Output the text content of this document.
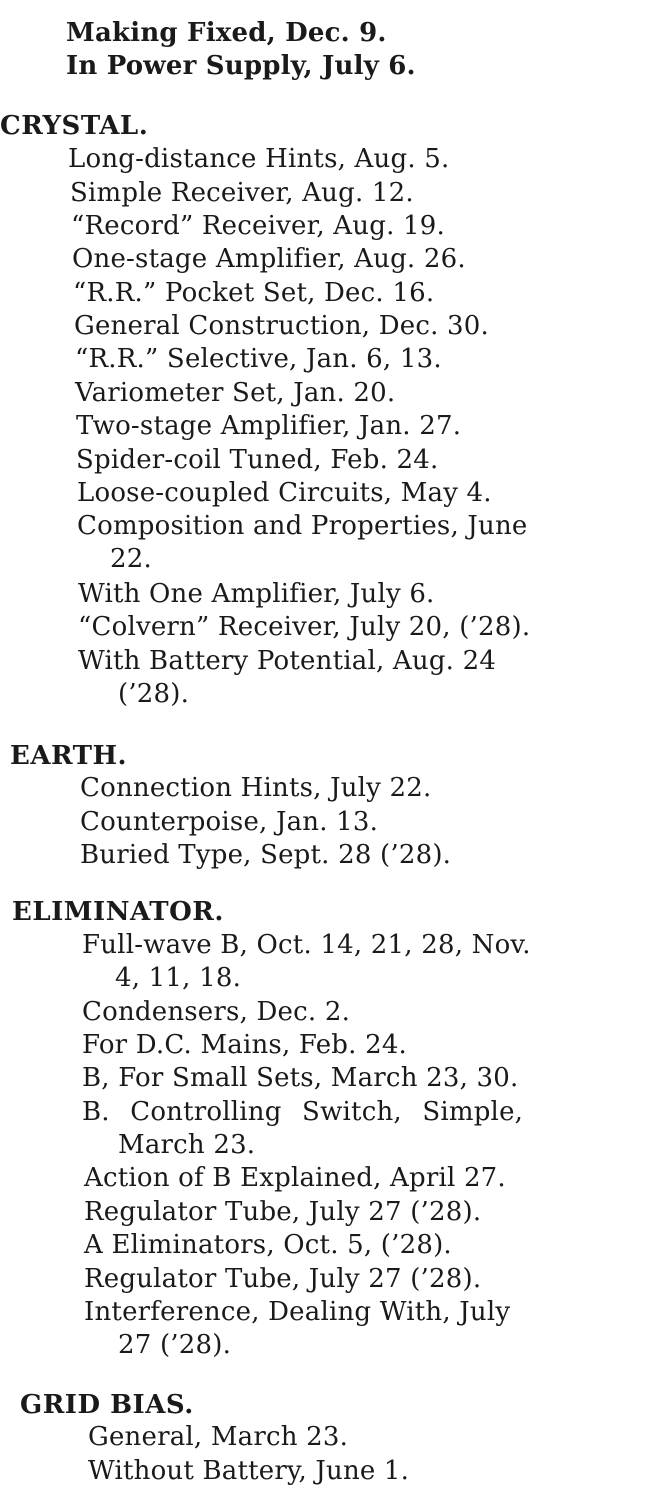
Making Fixed, Dec. 9.
In Power Supply, July 6.
CRYSTAL.
Long-distance Hints, Aug. 5.
Simple Receiver, Aug. 12.
“Record” Receiver, Aug. 19.
One-stage Amplifier, Aug. 26.
“R.R.” Pocket Set, Dec. 16.
General Construction, Dec. 30.
“R.R.” Selective, Jan. 6, 13.
Variometer Set, Jan. 20.
Two-stage Amplifier, Jan. 27.
Spider-coil Tuned, Feb. 24.
Loose-coupled Circuits, May 4.
Composition and Properties, June
22.
With One Amplifier, July 6.
“Colvern” Receiver, July 20, (’28).
With Battery Potential, Aug. 24
(’28).
EARTH.
Connection Hints, July 22.
Counterpoise, Jan. 13.
Buried Type, Sept. 28 (’28).
ELIMINATOR.
Full-wave B, Oct. 14, 21, 28, Nov.
4, 11, 18.
Condensers, Dec. 2.
For D.C. Mains, Feb. 24.
B, For Small Sets, March 23, 30.
B. Controlling Switch, Simple,
March 23.
Action of B Explained, April 27.
Regulator Tube, July 27 (’28).
A Eliminators, Oct. 5, (’28).
Regulator Tube, July 27 (’28).
Interference, Dealing With, July
27 (’28).
GRID BIAS.
General, March 23.
Without Battery, June 1.
